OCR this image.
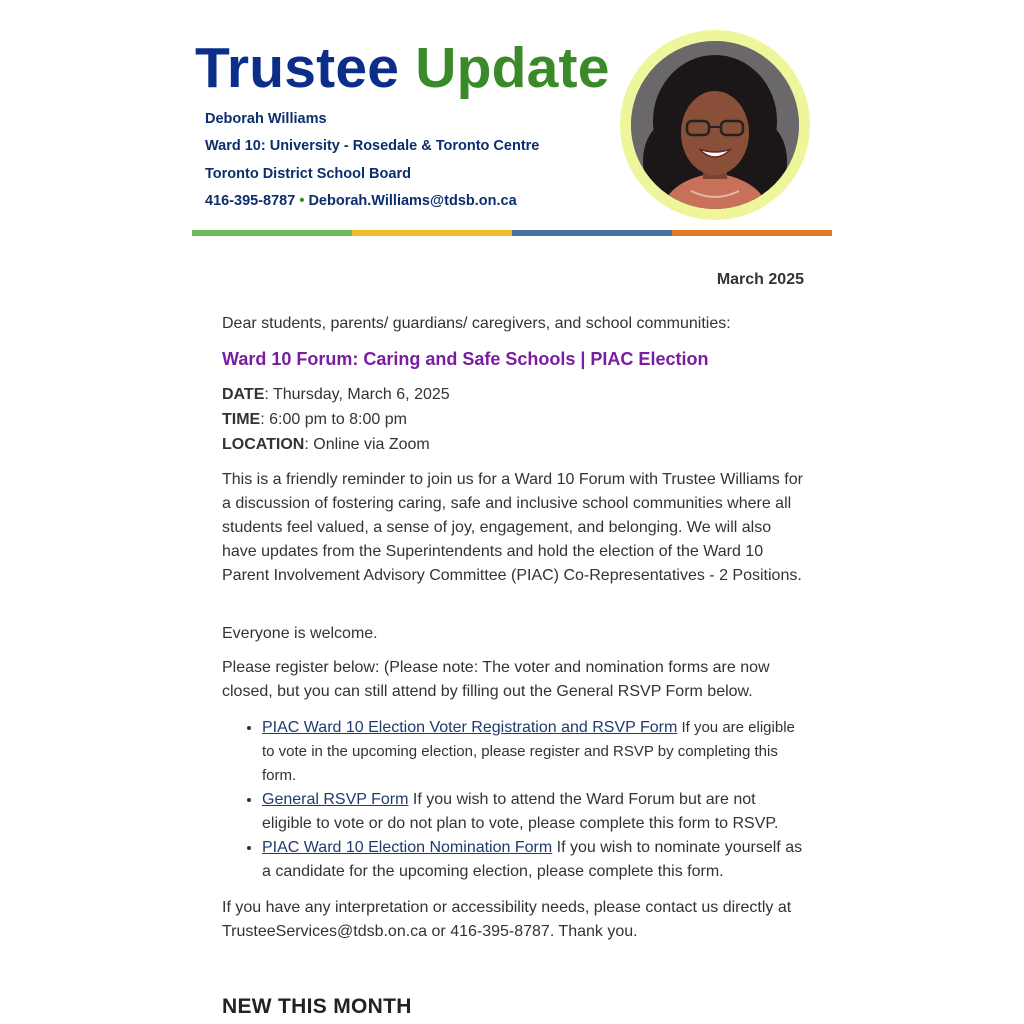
Trustee Update
Deborah Williams
Ward 10: University - Rosedale & Toronto Centre
Toronto District School Board
416-395-8787 • Deborah.Williams@tdsb.on.ca
March 2025

Dear students, parents/ guardians/ caregivers, and school communities:

Ward 10 Forum: Caring and Safe Schools | PIAC Election

DATE: Thursday, March 6, 2025
TIME: 6:00 pm to 8:00 pm
LOCATION: Online via Zoom

This is a friendly reminder to join us for a Ward 10 Forum with Trustee Williams for a discussion of fostering caring, safe and inclusive school communities where all students feel valued, a sense of joy, engagement, and belonging. We will also have updates from the Superintendents and hold the election of the Ward 10 Parent Involvement Advisory Committee (PIAC) Co-Representatives - 2 Positions.

Everyone is welcome.

Please register below: (Please note: The voter and nomination forms are now closed, but you can still attend by filling out the General RSVP Form below.

• PIAC Ward 10 Election Voter Registration and RSVP Form If you are eligible to vote in the upcoming election, please register and RSVP by completing this form.
• General RSVP Form If you wish to attend the Ward Forum but are not eligible to vote or do not plan to vote, please complete this form to RSVP.
• PIAC Ward 10 Election Nomination Form If you wish to nominate yourself as a candidate for the upcoming election, please complete this form.

If you have any interpretation or accessibility needs, please contact us directly at TrusteeServices@tdsb.on.ca or 416-395-8787. Thank you.

NEW THIS MONTH
